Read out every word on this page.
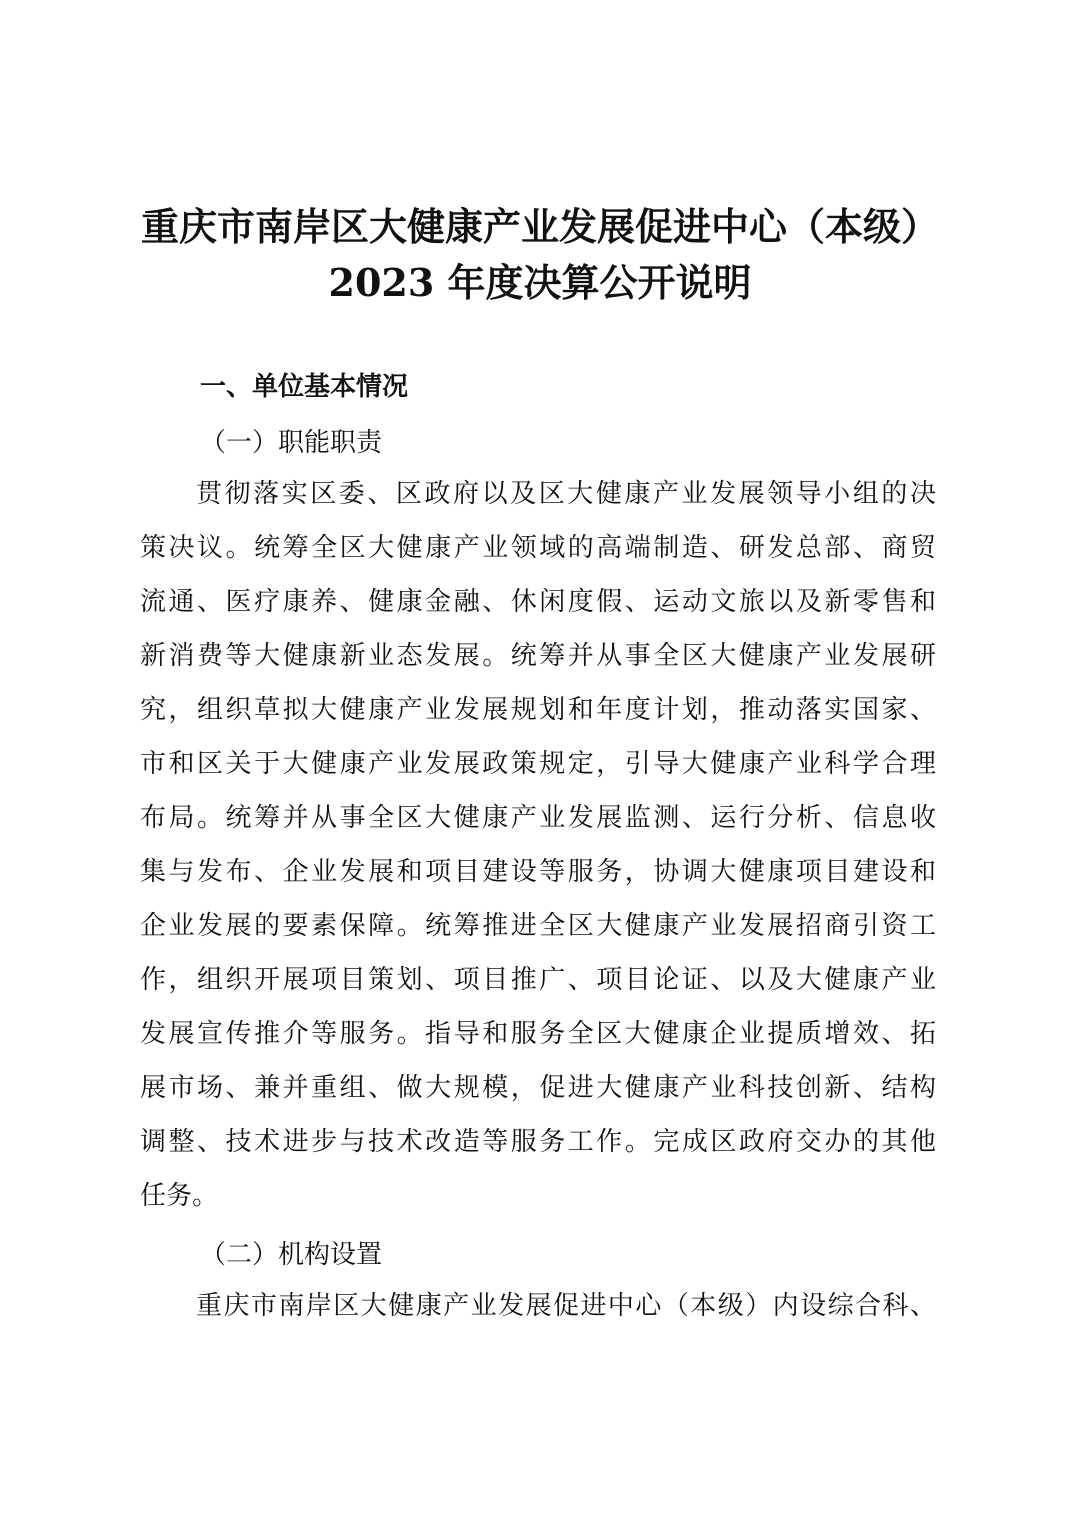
重庆市南岸区大健康产业发展促进中心（本级）
2023 年度决算公开说明
一、单位基本情况
（一）职能职责
贯彻落实区委、区政府以及区大健康产业发展领导小组的决
策决议。统筹全区大健康产业领域的高端制造、研发总部、商贸
流通、医疗康养、健康金融、休闲度假、运动文旅以及新零售和
新消费等大健康新业态发展。统筹并从事全区大健康产业发展研
究，组织草拟大健康产业发展规划和年度计划，推动落实国家、
市和区关于大健康产业发展政策规定，引导大健康产业科学合理
布局。统筹并从事全区大健康产业发展监测、运行分析、信息收
集与发布、企业发展和项目建设等服务，协调大健康项目建设和
企业发展的要素保障。统筹推进全区大健康产业发展招商引资工
作，组织开展项目策划、项目推广、项目论证、以及大健康产业
发展宣传推介等服务。指导和服务全区大健康企业提质增效、拓
展市场、兼并重组、做大规模，促进大健康产业科技创新、结构
调整、技术进步与技术改造等服务工作。完成区政府交办的其他
任务。
（二）机构设置
重庆市南岸区大健康产业发展促进中心（本级）内设综合科、
